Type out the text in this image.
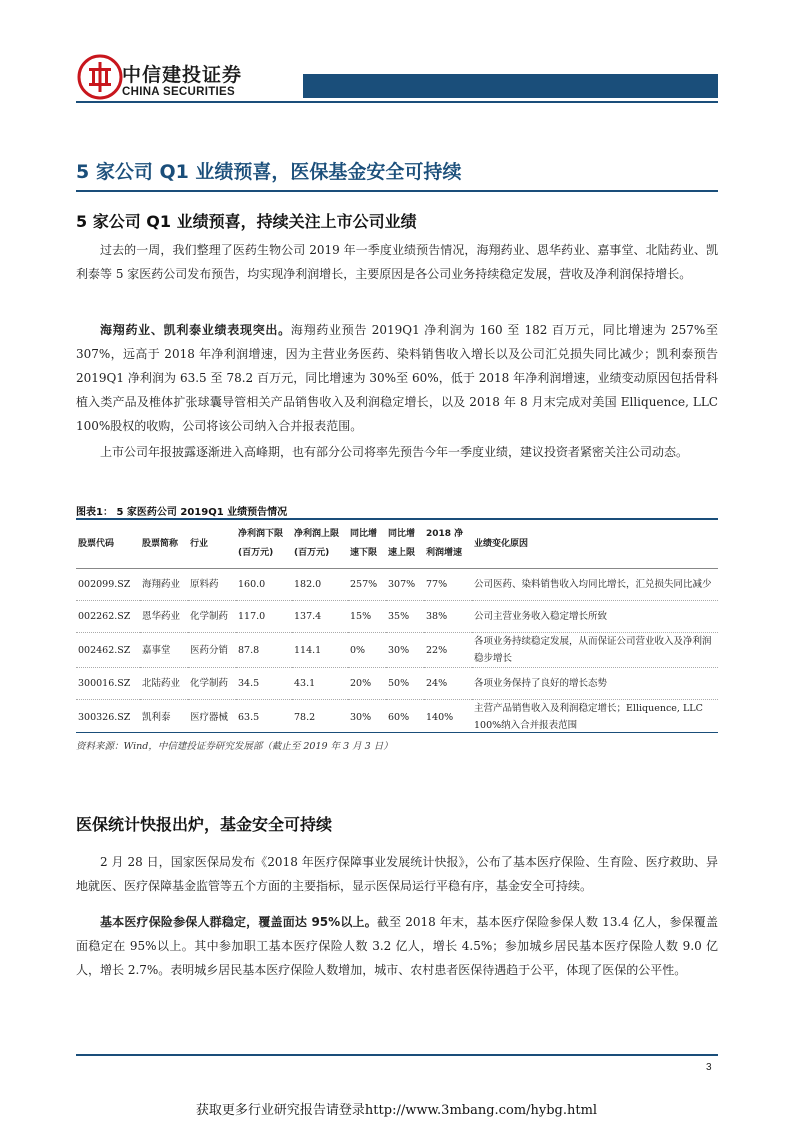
中信建投证券
CHINA SECURITIES
5 家公司 Q1 业绩预喜，医保基金安全可持续
5 家公司 Q1 业绩预喜，持续关注上市公司业绩

过去的一周，我们整理了医药生物公司 2019 年一季度业绩预告情况，海翔药业、恩华药业、嘉事堂、北陆药业、凯利泰等 5 家医药公司发布预告，均实现净利润增长，主要原因是各公司业务持续稳定发展，营收及净利润保持增长。

海翔药业、凯利泰业绩表现突出。海翔药业预告 2019Q1 净利润为 160 至 182 百万元，同比增速为 257%至 307%，远高于 2018 年净利润增速，因为主营业务医药、染料销售收入增长以及公司汇兑损失同比减少；凯利泰预告 2019Q1 净利润为 63.5 至 78.2 百万元，同比增速为 30%至 60%，低于 2018 年净利润增速，业绩变动原因包括骨科植入类产品及椎体扩张球囊导管相关产品销售收入及利润稳定增长，以及 2018 年 8 月末完成对美国 Elliquence, LLC 100%股权的收购，公司将该公司纳入合并报表范围。

上市公司年报披露逐渐进入高峰期，也有部分公司将率先预告今年一季度业绩，建议投资者紧密关注公司动态。

图表1： 5 家医药公司 2019Q1 业绩预告情况
股票代码	股票简称	行业	净利润下限(百万元)	净利润上限(百万元)	同比增速下限	同比增速上限	2018 净利润增速	业绩变化原因
002099.SZ	海翔药业	原料药	160.0	182.0	257%	307%	77%	公司医药、染料销售收入均同比增长，汇兑损失同比减少
002262.SZ	恩华药业	化学制药	117.0	137.4	15%	35%	38%	公司主营业务收入稳定增长所致
002462.SZ	嘉事堂	医药分销	87.8	114.1	0%	30%	22%	各项业务持续稳定发展，从而保证公司营业收入及净利润稳步增长
300016.SZ	北陆药业	化学制药	34.5	43.1	20%	50%	24%	各项业务保持了良好的增长态势
300326.SZ	凯利泰	医疗器械	63.5	78.2	30%	60%	140%	主营产品销售收入及利润稳定增长；Elliquence, LLC 100%纳入合并报表范围
资料来源：Wind，中信建投证券研究发展部（截止至 2019 年 3 月 3 日）
医保统计快报出炉，基金安全可持续

2 月 28 日，国家医保局发布《2018 年医疗保障事业发展统计快报》，公布了基本医疗保险、生育险、医疗救助、异地就医、医疗保障基金监管等五个方面的主要指标，显示医保局运行平稳有序，基金安全可持续。

基本医疗保险参保人群稳定，覆盖面达 95%以上。截至 2018 年末，基本医疗保险参保人数 13.4 亿人，参保覆盖面稳定在 95%以上。其中参加职工基本医疗保险人数 3.2 亿人，增长 4.5%；参加城乡居民基本医疗保险人数 9.0 亿人，增长 2.7%。表明城乡居民基本医疗保险人数增加，城市、农村患者医保待遇趋于公平，体现了医保的公平性。

3
获取更多行业研究报告请登录http://www.3mbang.com/hybg.html
